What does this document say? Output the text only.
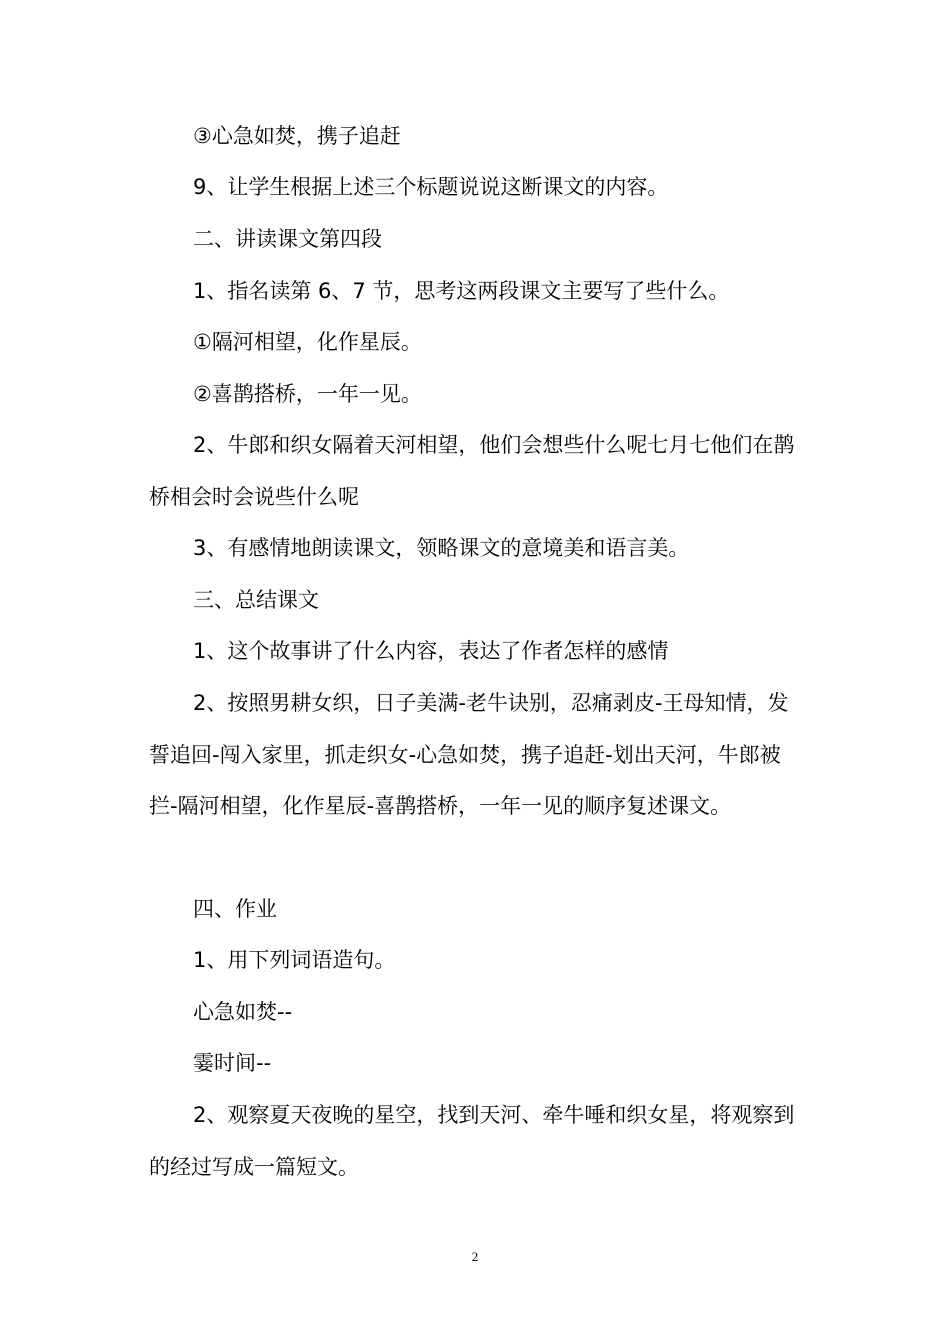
③心急如焚，携子追赶

9、让学生根据上述三个标题说说这断课文的内容。

二、讲读课文第四段

1、指名读第 6、7 节，思考这两段课文主要写了些什么。

①隔河相望，化作星辰。

②喜鹊搭桥，一年一见。

2、牛郎和织女隔着天河相望，他们会想些什么呢七月七他们在鹊桥相会时会说些什么呢

3、有感情地朗读课文，领略课文的意境美和语言美。

三、总结课文

1、这个故事讲了什么内容，表达了作者怎样的感情

2、按照男耕女织，日子美满-老牛诀别，忍痛剥皮-王母知情，发誓追回-闯入家里，抓走织女-心急如焚，携子追赶-划出天河，牛郎被拦-隔河相望，化作星辰-喜鹊搭桥，一年一见的顺序复述课文。

四、作业

1、用下列词语造句。

心急如焚--

霎时间--

2、观察夏天夜晚的星空，找到天河、牵牛唾和织女星，将观察到的经过写成一篇短文。

2
